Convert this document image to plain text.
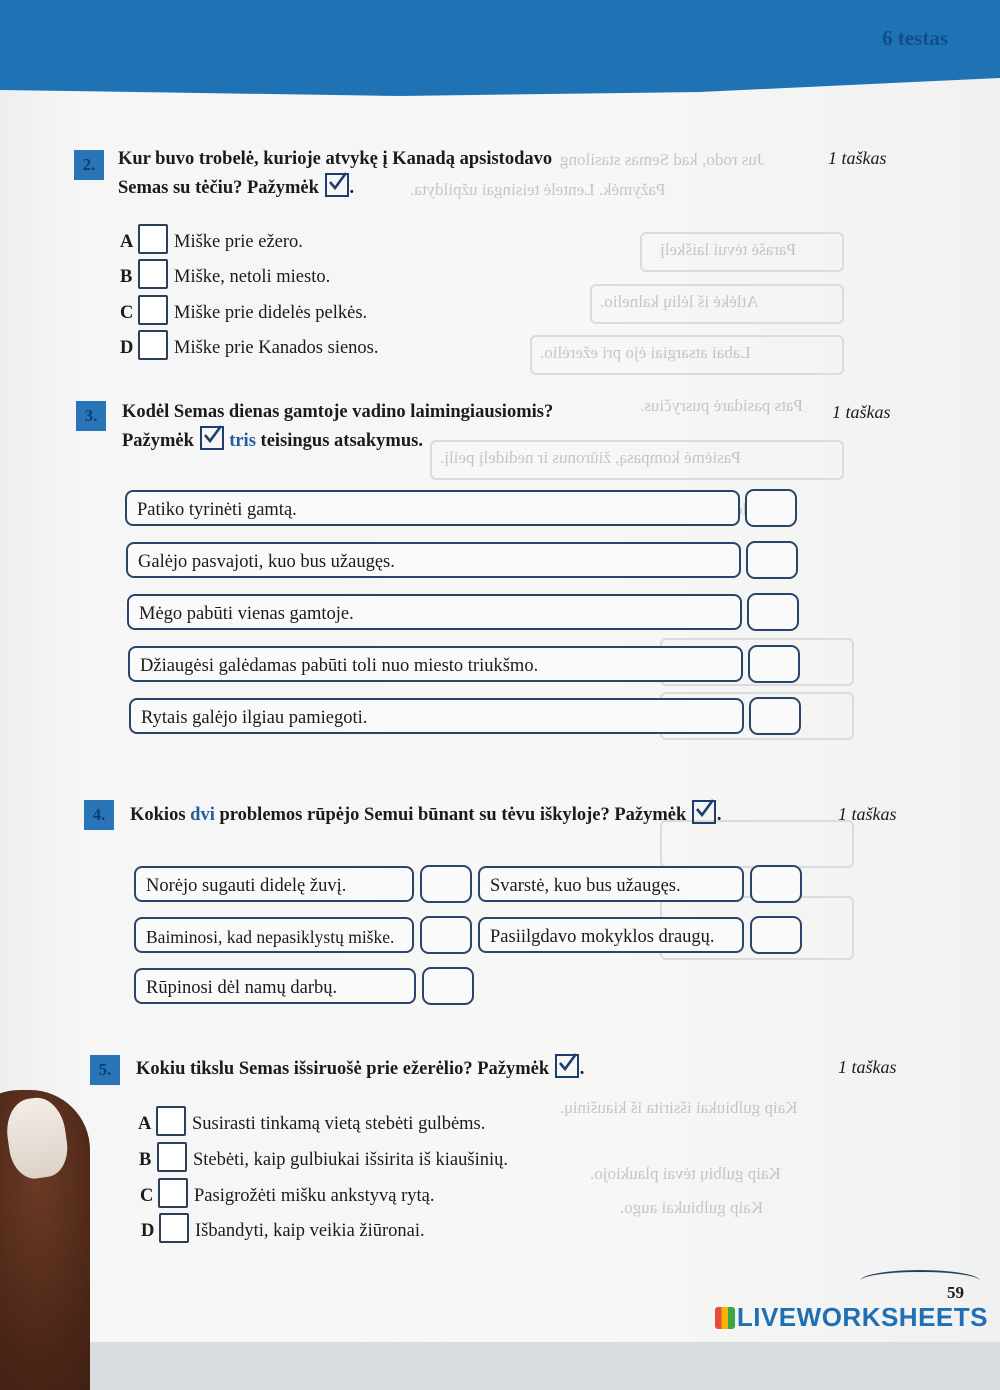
6 testas
Jus rodo, kad Semas stasilong
Pažymėk. Lentelė teisingai užpildyta.
Parašė tėvui laiškelį
Atlėkė iš lėlių kalnelio.
Labai atsargiai ėjo pri ežerėlio.
Pats pasidarė pusryčius.
Pasiėmė kompasą, žiūronus ir nedidelį peilį.
Kaip gulbiukai išsirita iš kiaušinių.
Kaip gulbių tėvai plaukiojo.
Kaip gulbiukai augo.
2.	Kur buvo trobelė, kurioje atvykę į Kanadą apsistodavo
Semas su tėčiu? Pažymėk .
1 taškas
A Miške prie ežero.
B Miške, netoli miesto.
C Miške prie didelės pelkės.
D Miške prie Kanados sienos.
3.	Kodėl Semas dienas gamtoje vadino laimingiausiomis?
Pažymėk tris teisingus atsakymus.
1 taškas
Patiko tyrinėti gamtą.
Galėjo pasvajoti, kuo bus užaugęs.
Mėgo pabūti vienas gamtoje.
Džiaugėsi galėdamas pabūti toli nuo miesto triukšmo.
Rytais galėjo ilgiau pamiegoti.
4.	Kokios dvi problemos rūpėjo Semui būnant su tėvu iškyloje? Pažymėk .	1 taškas
Norėjo sugauti didelę žuvį.	Svarstė, kuo bus užaugęs.
Baiminosi, kad nepasiklystų miške.	Pasiilgdavo mokyklos draugų.
Rūpinosi dėl namų darbų.
5.	Kokiu tikslu Semas išsiruošė prie ežerėlio? Pažymėk .	1 taškas
A Susirasti tinkamą vietą stebėti gulbėms.
B Stebėti, kaip gulbiukai išsirita iš kiaušinių.
C Pasigrožėti mišku ankstyvą rytą.
D Išbandyti, kaip veikia žiūronai.
59
LIVEWORKSHEETS
